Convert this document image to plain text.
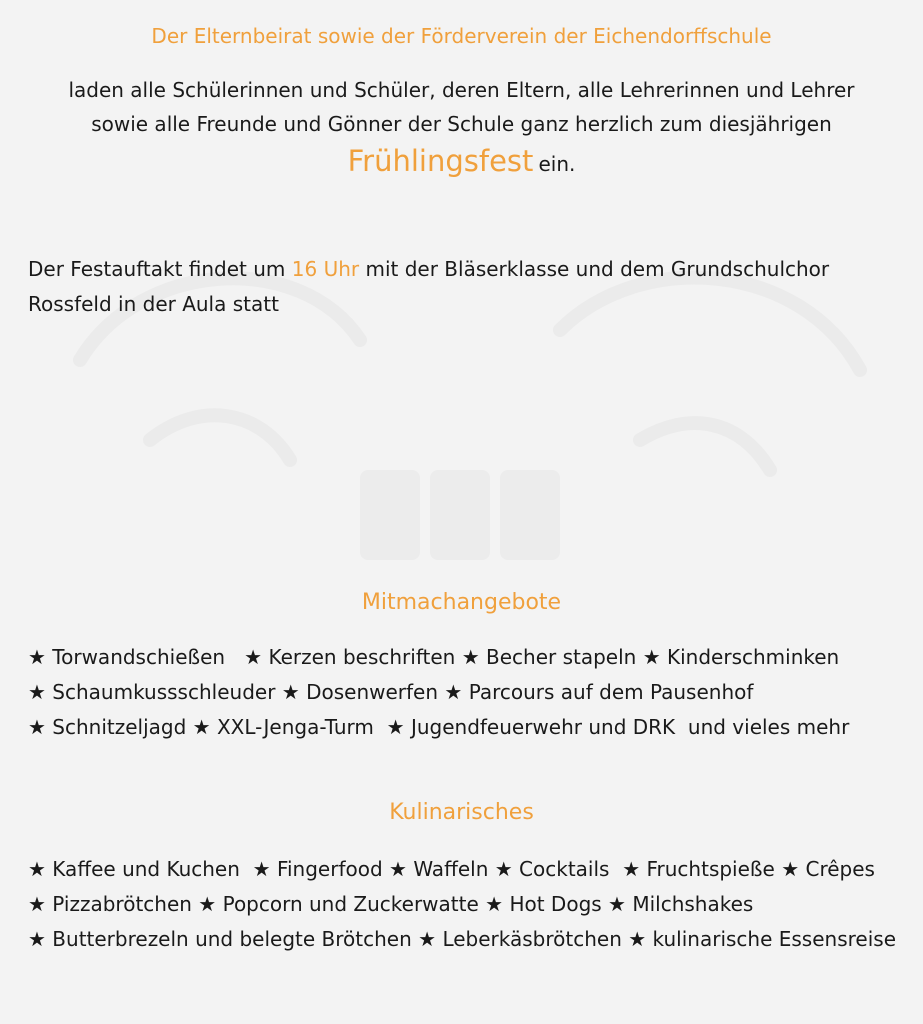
Der Elternbeirat sowie der Förderverein der Eichendorffschule
laden alle Schülerinnen und Schüler, deren Eltern, alle Lehrerinnen und Lehrer
sowie alle Freunde und Gönner der Schule ganz herzlich zum diesjährigen
Frühlingsfest ein.
Der Festauftakt findet um 16 Uhr mit der Bläserklasse und dem Grundschulchor Rossfeld in der Aula statt
Mitmachangebote
★ Torwandschießen ★ Kerzen beschriften ★ Becher stapeln ★ Kinderschminken ★ Schaumkussschleuder ★ Dosenwerfen ★ Parcours auf dem Pausenhof ★ Schnitzeljagd ★ XXL-Jenga-Turm ★ Jugendfeuerwehr und DRK und vieles mehr
Kulinarisches
★ Kaffee und Kuchen ★ Fingerfood ★ Waffeln ★ Cocktails ★ Fruchtspieße ★ Crêpes ★ Pizzabrötchen ★ Popcorn und Zuckerwatte ★ Hot Dogs ★ Milchshakes ★ Butterbrezeln und belegte Brötchen ★ Leberkäsbrötchen ★ kulinarische Essensreise
